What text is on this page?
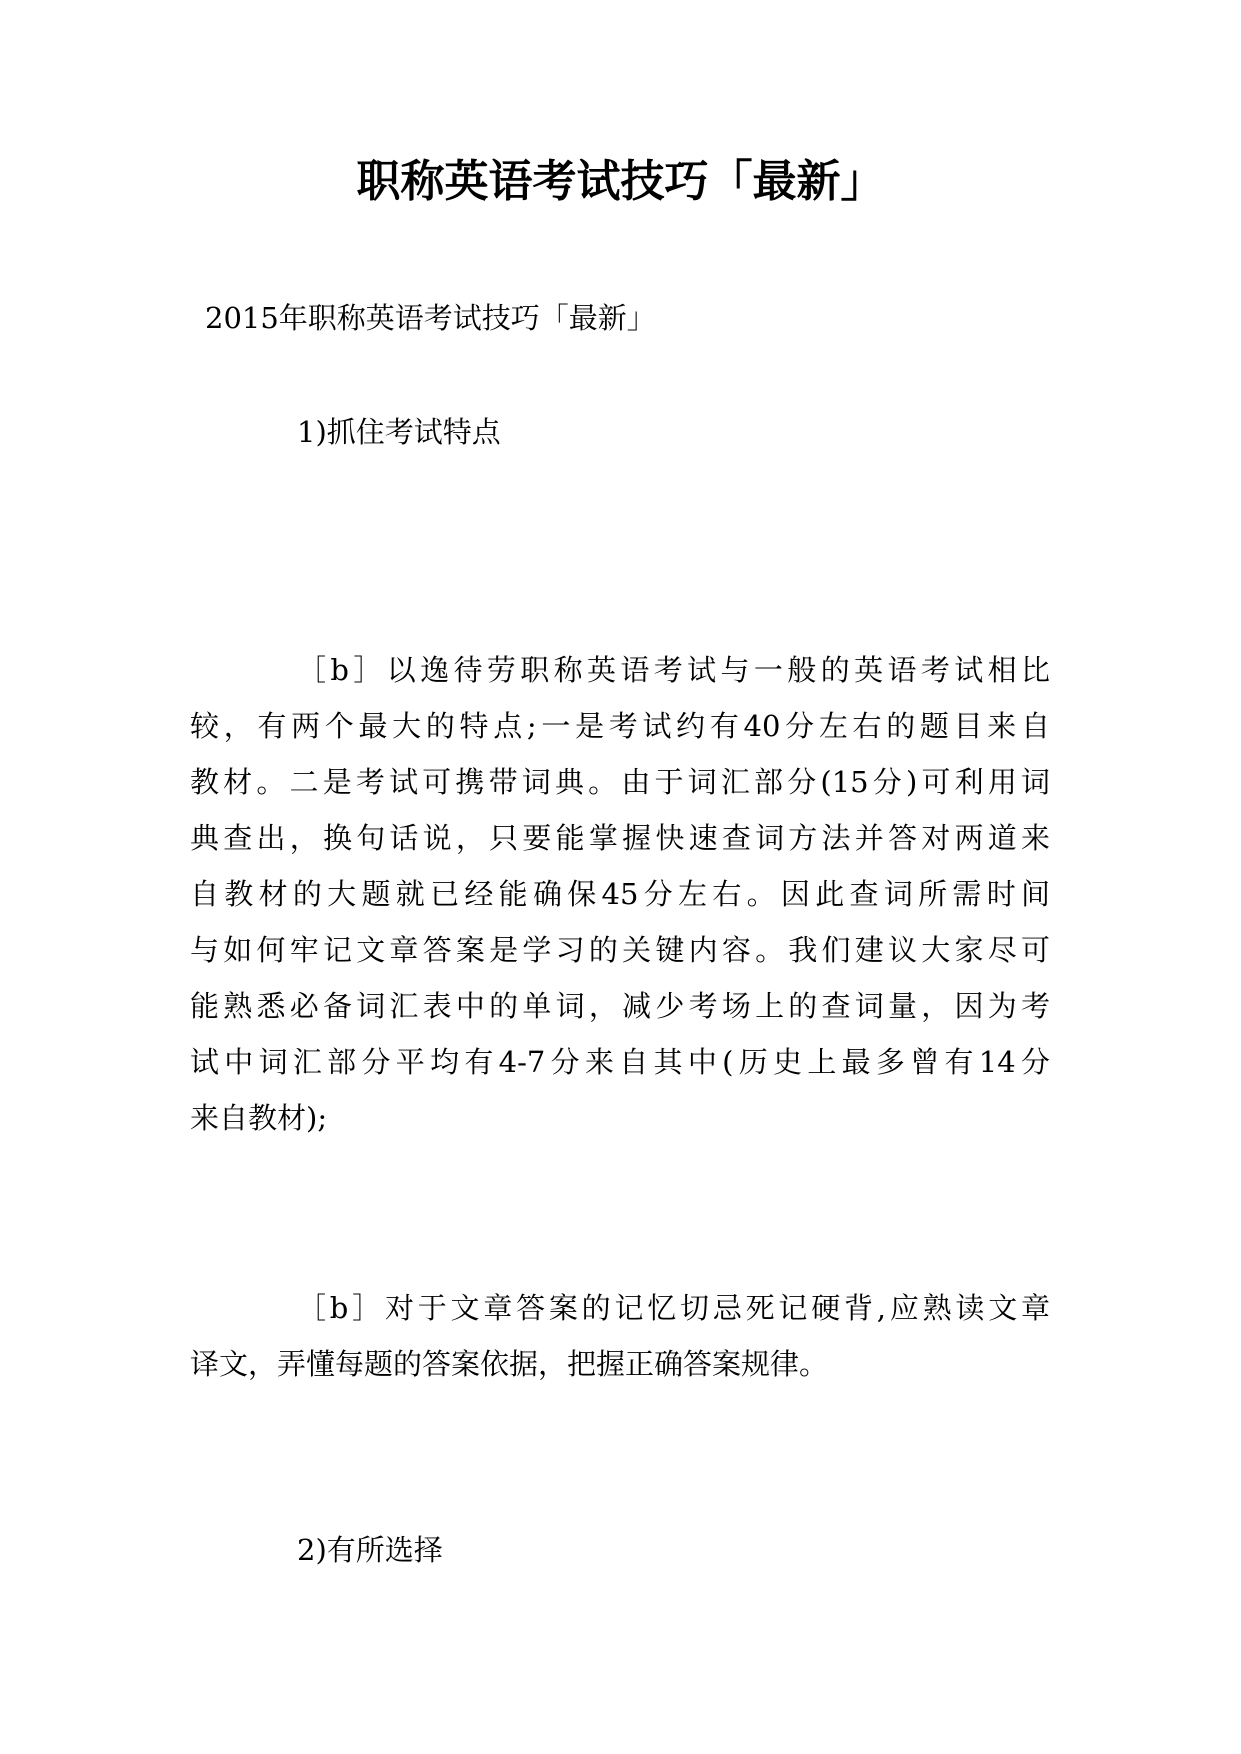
职称英语考试技巧「最新」
2015年职称英语考试技巧「最新」
1)抓住考试特点
［b］以逸待劳职称英语考试与一般的英语考试相比
较，有两个最大的特点;一是考试约有40分左右的题目来自
教材。二是考试可携带词典。由于词汇部分(15分)可利用词
典查出，换句话说，只要能掌握快速查词方法并答对两道来
自教材的大题就已经能确保45分左右。因此查词所需时间
与如何牢记文章答案是学习的关键内容。我们建议大家尽可
能熟悉必备词汇表中的单词，减少考场上的查词量，因为考
试中词汇部分平均有4-7分来自其中(历史上最多曾有14分
来自教材);
［b］对于文章答案的记忆切忌死记硬背,应熟读文章
译文，弄懂每题的答案依据，把握正确答案规律。
2)有所选择
